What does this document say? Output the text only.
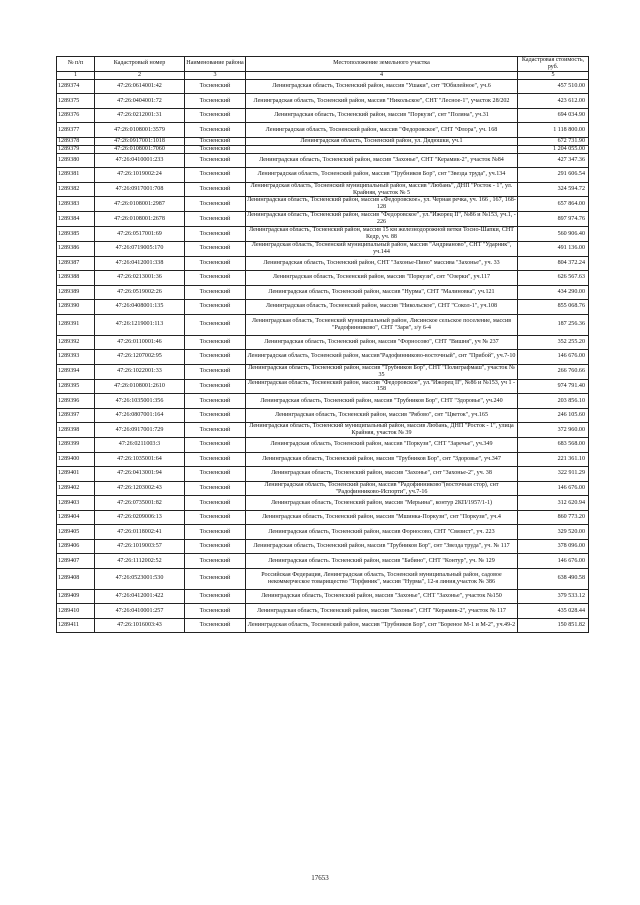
№ п/п	Кадастровый номер	Наименование района	Местоположение земельного участка	Кадастровая стоимость, руб.
1	2	3	4	5
1289374	47:26:0614001:42	Тосненский	Ленинградская область, Тосненский район, массив "Ушаки", снт "Юбилейное", уч.6	457 510.00
1289375	47:26:0404001:72	Тосненский	Ленинградская область, Тосненский район, массив "Никольское", СНТ "Лесное-1", участок 28/202	423 612.00
1289376	47:26:0212001:31	Тосненский	Ленинградская область, Тосненский район, массив "Поркузи", снт "Полянa", уч.31	694 034.90
1289377	47:26:0108001:3579	Тосненский	Ленинградская область, Тосненский район, массив "Федоровское", СНТ "Флора", уч. 168	1 118 800.00
1289378	47:26:0917001:1018	Тосненский	Ленинградская область, Тосненский район, ул. Дядюшки, уч.1	672 731.90
1289379	47:26:0108001:7060	Тосненский		1 204 055.00
1289380	47:26:0410001:233	Тосненский	Ленинградская область, Тосненский район, массив "Захонье", СНТ "Керамик-2", участок №84	427 347.36
1289381	47:26:1019002:24	Тосненский	Ленинградская область, Тосненский район, массив "Трубников Бор", снт "Звезда труда", уч.134	291 606.54
1289382	47:26:0917001:708	Тосненский	Ленинградская область, Тосненский муниципальный район, массив "Любань", ДНП "Росток - 1", ул. Крайняя, участок № 5	324 594.72
1289383	47:26:0108001:2987	Тосненский	Ленинградская область, Тосненский район, массив «Федоровское», ул. Черная речка, уч. 166 , 167, 168-128	657 864.00
1289384	47:26:0108001:2678	Тосненский	Ленинградская область, Тосненский район, массив "Федоровское", ул."Ижорец II", №86 и №153, уч.1, - 226	897 974.76
1289385	47:26:0517001:69	Тосненский	Ленинградская область, Тосненский район, массив 15 км железнодорожной ветки Тосно-Шапки, СНТ Кедр, уч. 88	560 906.40
1289386	47:26:0719005:170	Тосненский	Ленинградская область, Тосненский муниципальный район, массив "Андрианово", СНТ "Ударник", уч.144	491 136.00
1289387	47:26:0412001:338	Тосненский	Ленинградская область, Тосненский район, СНТ "Захонье-Пино" массива "Захонье", уч. 33	804 372.24
1289388	47:26:0213001:36	Тосненский	Ленинградская область, Тосненский район, массив "Поркузи", снт "Озерки", уч.117	626 567.63
1289389	47:26:0519002:26	Тосненский	Ленинградская область, Тосненский район, массив "Нурма", СНТ "Малиновка", уч.121	434 290.00
1289390	47:26:0408001:135	Тосненский	Ленинградская область, Тосненский район, массив "Никольское", СНТ "Сокол-1", уч.108	855 068.76
1289391	47:26:1219001:113	Тосненский	Ленинградская область, Тосненский муниципальный район, Лисинское сельское поселение, массив "Радофинниково", СНТ "Заря", з/у 6-4	187 256.36
1289392	47:26:0110001:46	Тосненский	Ленинградская область, Тосненский район, массив "Форносово", СНТ "Вишня", уч № 237	352 255.20
1289393	47:26:1207002:95	Тосненский	Ленинградская область, Тосненский район, массив"Радофинниково-восточный", снт "Прибой", уч.7-10	146 676.00
1289394	47:26:1022001:33	Тосненский	Ленинградская область, Тосненский район, массив "Трубников Бор", СНТ "Полиграфмаш", участок № 35	266 760.66
1289395	47:26:0108001:2610	Тосненский	Ленинградская область, Тосненский район, массив "Федоровское", ул."Ижорец II", №86 и №153, уч 1 - 158	974 791.40
1289396	47:26:1035001:356	Тосненский	Ленинградская область, Тосненский район, массив "Трубников Бор", СНТ "Здоровье", уч.240	203 856.10
1289397	47:26:0807001:164	Тосненский	Ленинградская область, Тосненский район, массив "Рябово", снт "Цветок", уч.165	246 105.60
1289398	47:26:0917001:729	Тосненский	Ленинградская область, Тосненский муниципальный район, массив Любань, ДНП "Росток - 1", улица Крайняя, участок № 39	372 960.00
1289399	47:26:0211003:3	Тосненский	Ленинградская область, Тосненский район, массив "Поркузи", СНТ "Заречье", уч.349	683 568.00
1289400	47:26:1035001:64	Тосненский	Ленинградская область, Тосненский район, массив "Трубников Бор", снт "Здоровье", уч.347	221 361.10
1289401	47:26:0413001:94	Тосненский	Ленинградская область, Тосненский район, массив "Захонье", снт "Захонье-2", уч. 38	322 911.29
1289402	47:26:1203002:43	Тосненский	Ленинградская область, Тосненский район, массив "Радофинниково"(восточная стор), снт "Радофинниково-Испорти", уч.7-16	146 676.00
1289403	47:26:0735001:82	Тосненский	Ленинградская область, Тосненский район, массив "Мерьина", контур 2КП/1957/1-1)	312 620.94
1289404	47:26:0209006:13	Тосненский	Ленинградская область, Тосненский район, массив "Мшинка-Поркузи", снт "Поркузи", уч.4	860 773.20
1289405	47:26:0118002:41	Тосненский	Ленинградская область, Тосненский район, массив Форносово, СНТ "Связист", уч. 223	329 520.00
1289406	47:26:1019003:57	Тосненский	Ленинградская область, Тосненский район, массив "Трубников Бор", снт "Звезда труда", уч. № 117	378 096.00
1289407	47:26:1112002:52	Тосненский	Ленинградская область. Тосненский район, массив "Бабино", СНТ "Контур", уч. № 129	146 676.00
1289408	47:26:0523001:530	Тосненский	Российская Федерация, Ленинградская область, Тосненский муниципальный район, садовое некоммерческое товарищество "Торфяник", массив "Нурма", 12-я линия,участок № 386	638 490.58
1289409	47:26:0412001:422	Тосненский	Ленинградская область, Тосненский район, массив "Захонье", СНТ "Захонье", участок №150	379 533.12
1289410	47:26:0410001:257	Тосненский	Ленинградская область, Тосненский район, массив "Захонье", СНТ "Керамик-2", участок № 117	435 028.44
1289411	47:26:1016003:43	Тосненский	Ленинградская область, Тосненский район, массив "Трубников Бор", снт "Бореное М-1 и М-2", уч.49-2	150 851.82
17653
